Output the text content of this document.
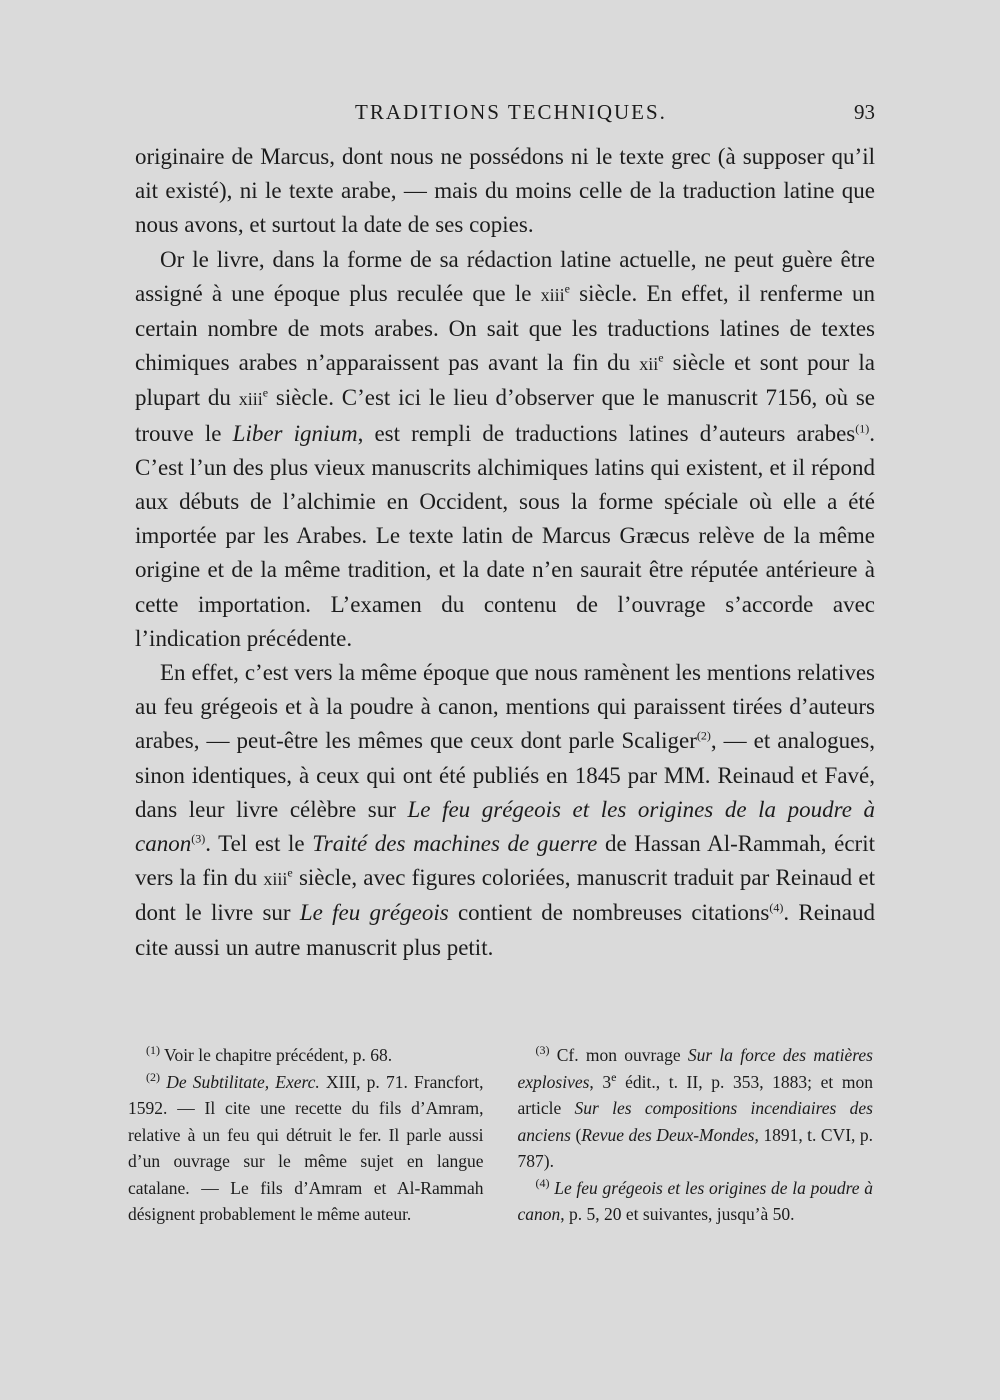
TRADITIONS TECHNIQUES.	93

originaire de Marcus, dont nous ne possédons ni le texte grec (à supposer qu’il ait existé), ni le texte arabe, — mais du moins celle de la traduction latine que nous avons, et surtout la date de ses copies.

Or le livre, dans la forme de sa rédaction latine actuelle, ne peut guère être assigné à une époque plus reculée que le xiii$^e$ siècle. En effet, il renferme un certain nombre de mots arabes. On sait que les traductions latines de textes chimiques arabes n’apparaissent pas avant la fin du xii$^e$ siècle et sont pour la plupart du xiii$^e$ siècle. C’est ici le lieu d’observer que le manuscrit 7156, où se trouve le Liber ignium, est rempli de traductions latines d’auteurs arabes$^{(1)}$. C’est l’un des plus vieux manuscrits alchimiques latins qui existent, et il répond aux débuts de l’alchimie en Occident, sous la forme spéciale où elle a été importée par les Arabes. Le texte latin de Marcus Græcus relève de la même origine et de la même tradition, et la date n’en saurait être réputée antérieure à cette importation. L’examen du contenu de l’ouvrage s’accorde avec l’indication précédente.

En effet, c’est vers la même époque que nous ramènent les mentions relatives au feu grégeois et à la poudre à canon, mentions qui paraissent tirées d’auteurs arabes, — peut-être les mêmes que ceux dont parle Scaliger$^{(2)}$, — et analogues, sinon identiques, à ceux qui ont été publiés en 1845 par MM. Reinaud et Favé, dans leur livre célèbre sur Le feu grégeois et les origines de la poudre à canon$^{(3)}$. Tel est le Traité des machines de guerre de Hassan Al-Rammah, écrit vers la fin du xiii$^e$ siècle, avec figures coloriées, manuscrit traduit par Reinaud et dont le livre sur Le feu grégeois contient de nombreuses citations$^{(4)}$. Reinaud cite aussi un autre manuscrit plus petit.

$^{(1)}$ Voir le chapitre précédent, p. 68.

$^{(2)}$ De Subtilitate, Exerc. XIII, p. 71. Francfort, 1592. — Il cite une recette du fils d’Amram, relative à un feu qui détruit le fer. Il parle aussi d’un ouvrage sur le même sujet en langue catalane. — Le fils d’Amram et Al-Rammah désignent probablement le même auteur.

$^{(3)}$ Cf. mon ouvrage Sur la force des matières explosives, 3e édit., t. II, p. 353, 1883; et mon article Sur les compositions incendiaires des anciens (Revue des Deux-Mondes, 1891, t. CVI, p. 787).

$^{(4)}$ Le feu grégeois et les origines de la poudre à canon, p. 5, 20 et suivantes, jusqu’à 50.
